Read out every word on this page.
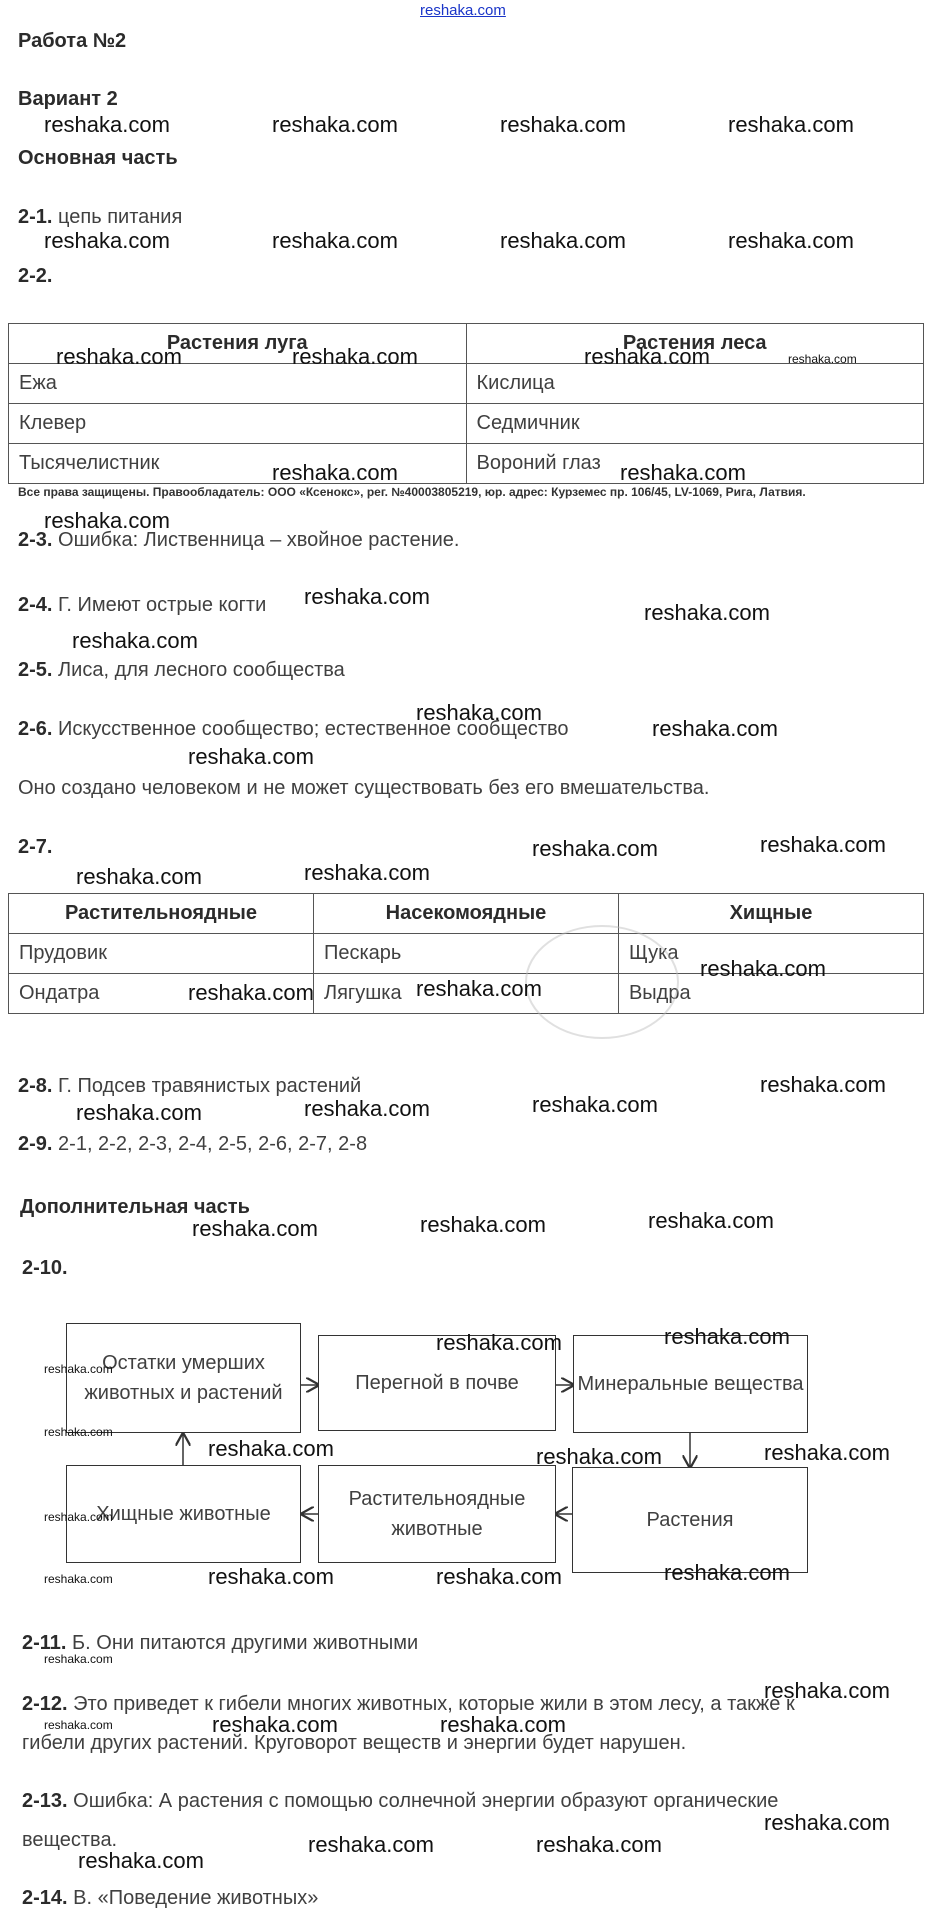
reshaka.com
Работа №2
Вариант 2
Основная часть
2-1. цепь питания
2-2.
Растения луга	Растения леса
Ежа	Кислица
Клевер	Седмичник
Тысячелистник	Вороний глаз
Все права защищены. Правообладатель: ООО «Ксенокс», рег. №40003805219, юр. адрес: Курземес пр. 106/45, LV-1069, Рига, Латвия.
2-3. Ошибка: Лиственница – хвойное растение.
2-4. Г. Имеют острые когти
2-5. Лиса, для лесного сообщества
2-6. Искусственное сообщество; естественное сообщество
Оно создано человеком и не может существовать без его вмешательства.
2-7.
Растительноядные	Насекомоядные	Хищные
Прудовик	Пескарь	Щука
Ондатра	Лягушка	Выдра
2-8. Г. Подсев травянистых растений
2-9. 2-1, 2-2, 2-3, 2-4, 2-5, 2-6, 2-7, 2-8
Дополнительная часть
2-10.
Остатки умерших животных и растений	Перегной в почве	Минеральные вещества
Хищные животные
Растительноядные животные	Растения
2-11. Б. Они питаются другими животными
2-12. Это приведет к гибели многих животных, которые жили в этом лесу, а также к
гибели других растений. Круговорот веществ и энергии будет нарушен.
2-13. Ошибка: А растения с помощью солнечной энергии образуют органические
вещества.
2-14. В. «Поведение животных»
reshaka.com	reshaka.com	reshaka.com	reshaka.com
reshaka.com	reshaka.com	reshaka.com	reshaka.com
reshaka.com	reshaka.com	reshaka.com	reshaka.com
reshaka.com	reshaka.com
reshaka.com
reshaka.com
reshaka.com
reshaka.com
reshaka.com
reshaka.com
reshaka.com
reshaka.com	reshaka.com
reshaka.com	reshaka.com
reshaka.com
reshaka.com	reshaka.com
reshaka.com
reshaka.com	reshaka.com	reshaka.com
reshaka.com	reshaka.com	reshaka.com
reshaka.com	reshaka.com
reshaka.com
reshaka.com
reshaka.com	reshaka.com	reshaka.com
reshaka.com
reshaka.com	reshaka.com	reshaka.com	reshaka.com
reshaka.com
reshaka.com
reshaka.com	reshaka.com	reshaka.com
reshaka.com
reshaka.com
reshaka.com	reshaka.com
